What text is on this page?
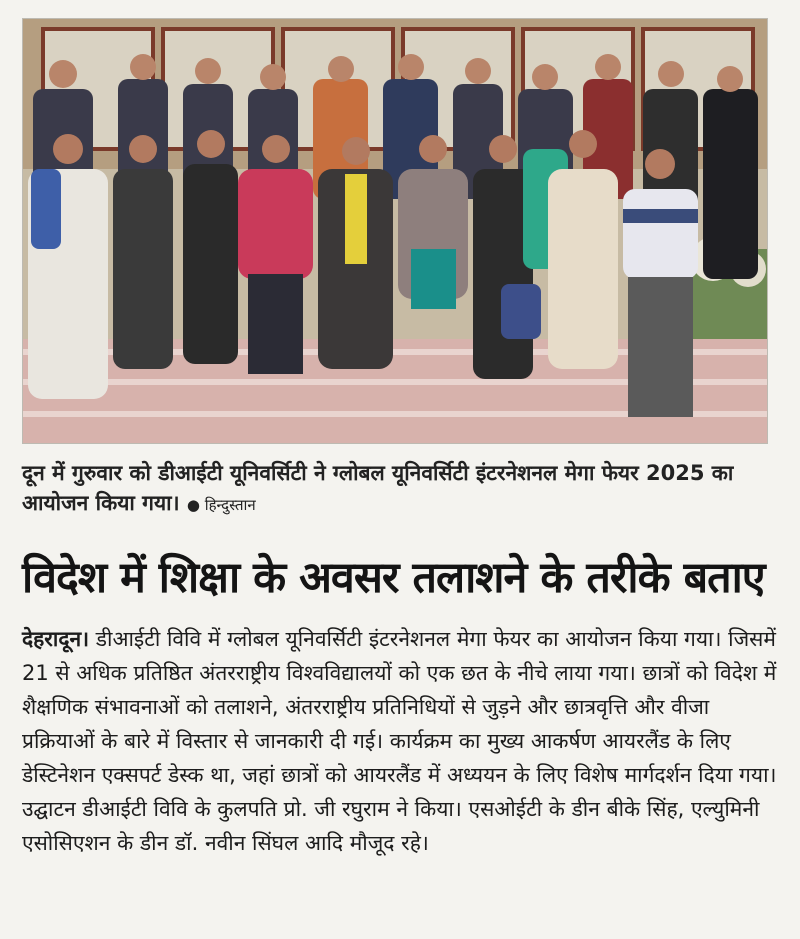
दून में गुरुवार को डीआईटी यूनिवर्सिटी ने ग्लोबल यूनिवर्सिटी इंटरनेशनल मेगा फेयर 2025 का आयोजन किया गया। ● हिन्दुस्तान
विदेश में शिक्षा के अवसर तलाशने के तरीके बताए
देहरादून। डीआईटी विवि में ग्लोबल यूनिवर्सिटी इंटरनेशनल मेगा फेयर का आयोजन किया गया। जिसमें 21 से अधिक प्रतिष्ठित अंतरराष्ट्रीय विश्वविद्यालयों को एक छत के नीचे लाया गया। छात्रों को विदेश में शैक्षणिक संभावनाओं को तलाशने, अंतरराष्ट्रीय प्रतिनिधियों से जुड़ने और छात्रवृत्ति और वीजा प्रक्रियाओं के बारे में विस्तार से जानकारी दी गई। कार्यक्रम का मुख्य आकर्षण आयरलैंड के लिए डेस्टिनेशन एक्सपर्ट डेस्क था, जहां छात्रों को आयरलैंड में अध्ययन के लिए विशेष मार्गदर्शन दिया गया। उद्घाटन डीआईटी विवि के कुलपति प्रो. जी रघुराम ने किया। एसओईटी के डीन बीके सिंह, एल्युमिनी एसोसिएशन के डीन डॉ. नवीन सिंघल आदि मौजूद रहे।
